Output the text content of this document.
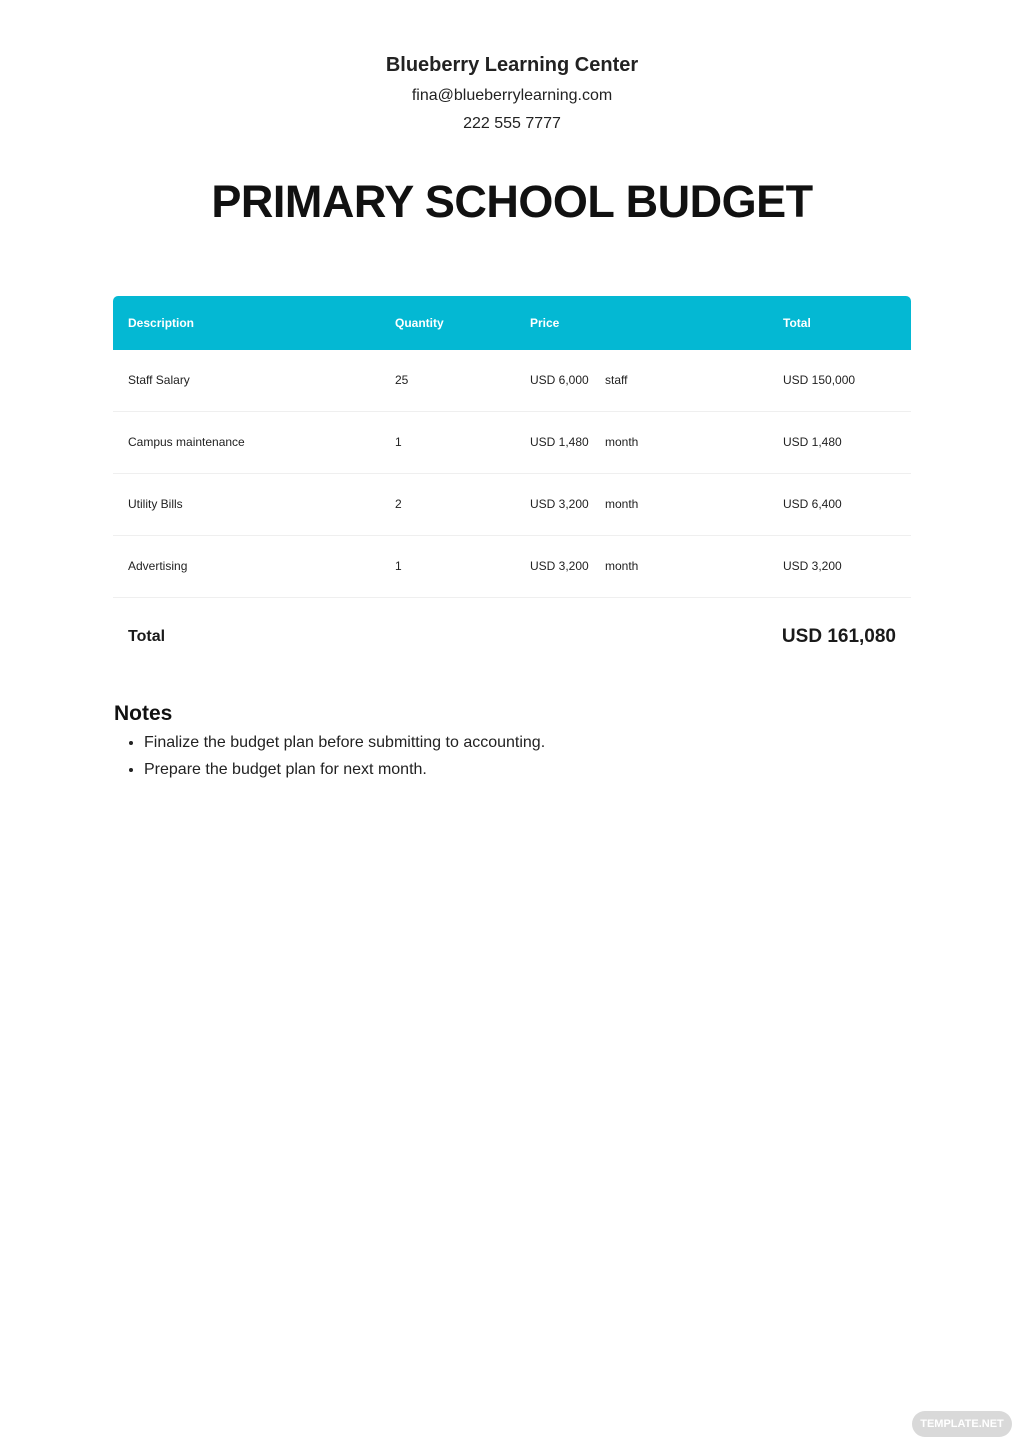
Blueberry Learning Center
fina@blueberrylearning.com
222 555 7777
PRIMARY SCHOOL BUDGET
Description	Quantity	Price	Total
Staff Salary	25	USD 6,000 staff	USD 150,000
Campus maintenance	1	USD 1,480 month	USD 1,480
Utility Bills	2	USD 3,200 month	USD 6,400
Advertising	1	USD 3,200 month	USD 3,200
Total	USD 161,080
Notes
• Finalize the budget plan before submitting to accounting.
• Prepare the budget plan for next month.
TEMPLATE.NET
